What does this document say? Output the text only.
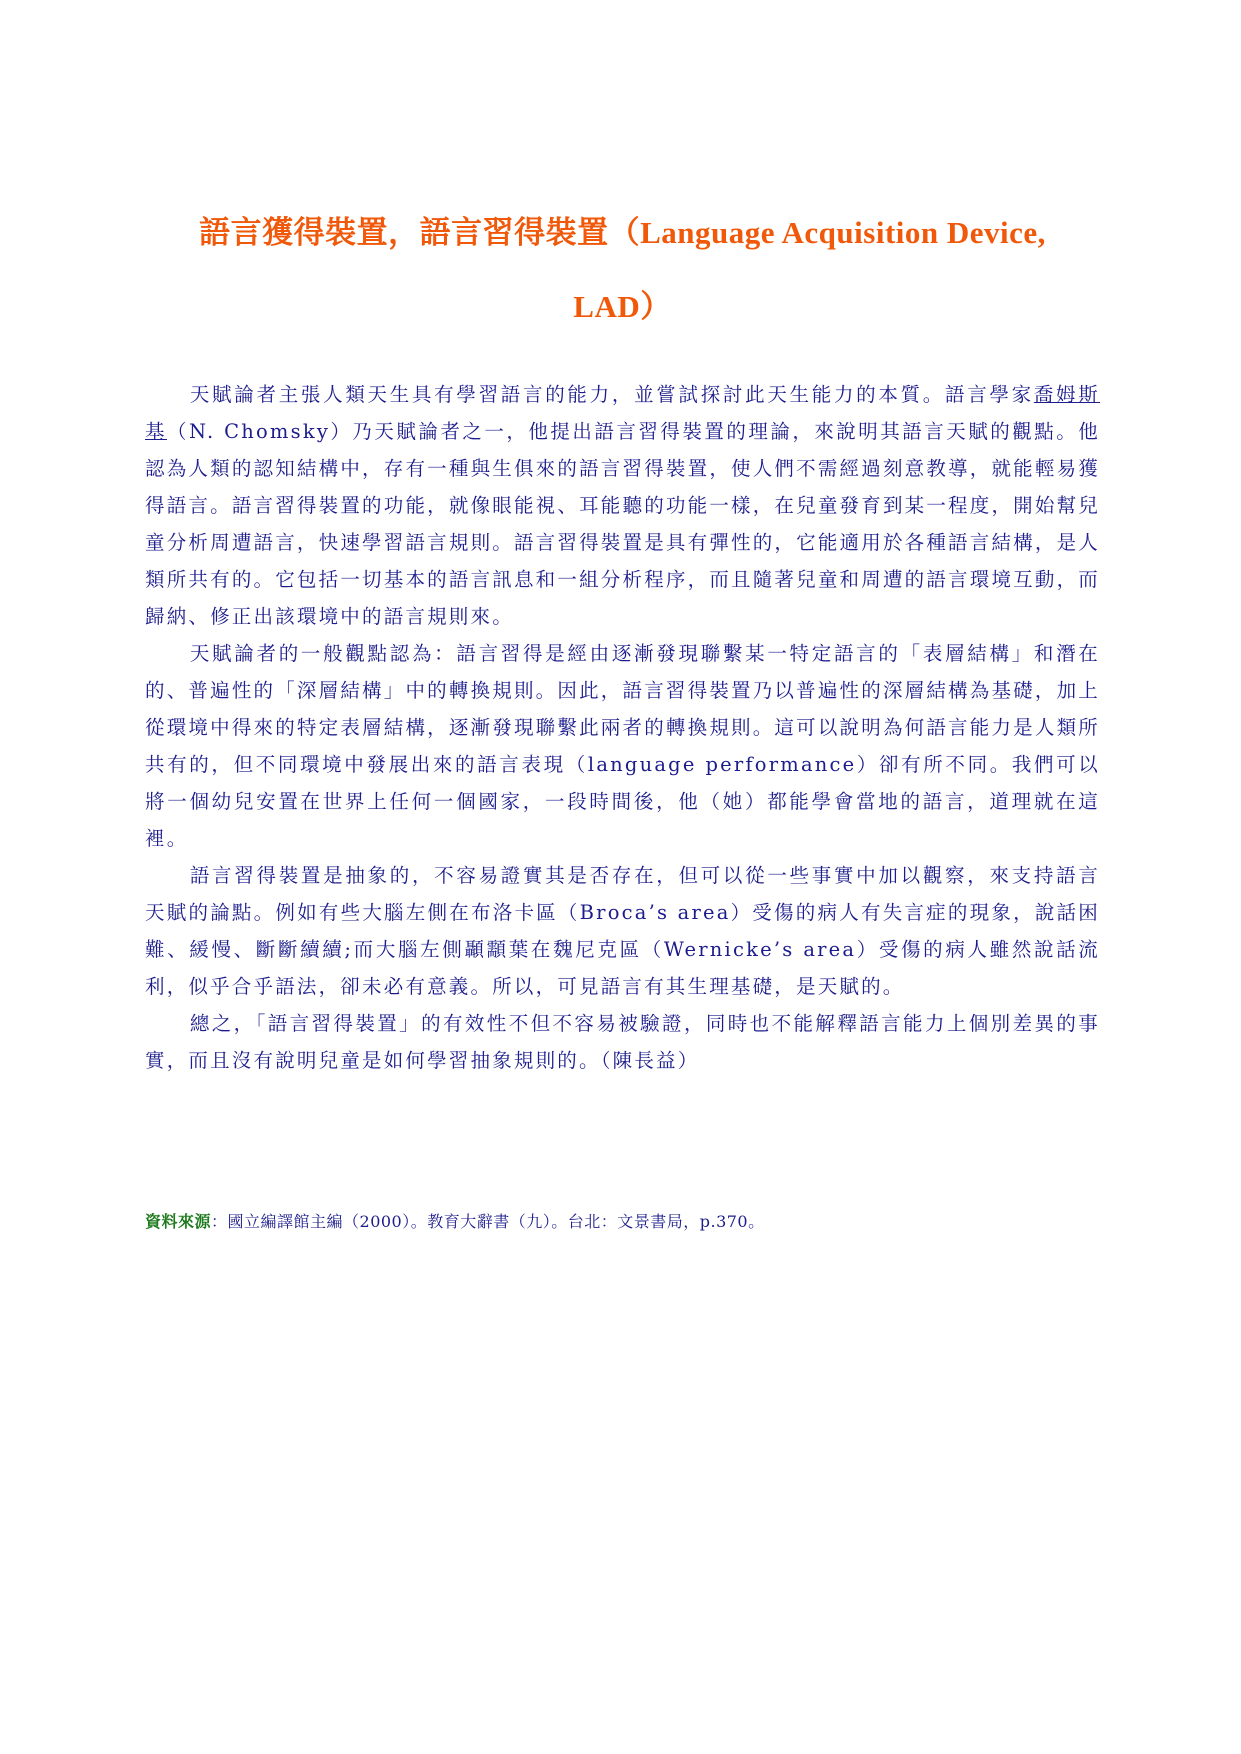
語言獲得裝置，語言習得裝置（Language Acquisition Device,
LAD）

天賦論者主張人類天生具有學習語言的能力，並嘗試探討此天生能力的本質。語言學家喬姆斯基（N. Chomsky）乃天賦論者之一，他提出語言習得裝置的理論，來說明其語言天賦的觀點。他認為人類的認知結構中，存有一種與生俱來的語言習得裝置，使人們不需經過刻意教導，就能輕易獲得語言。語言習得裝置的功能，就像眼能視、耳能聽的功能一樣，在兒童發育到某一程度，開始幫兒童分析周遭語言，快速學習語言規則。語言習得裝置是具有彈性的，它能適用於各種語言結構，是人類所共有的。它包括一切基本的語言訊息和一組分析程序，而且隨著兒童和周遭的語言環境互動，而歸納、修正出該環境中的語言規則來。

天賦論者的一般觀點認為：語言習得是經由逐漸發現聯繫某一特定語言的「表層結構」和潛在的、普遍性的「深層結構」中的轉換規則。因此，語言習得裝置乃以普遍性的深層結構為基礎，加上從環境中得來的特定表層結構，逐漸發現聯繫此兩者的轉換規則。這可以說明為何語言能力是人類所共有的，但不同環境中發展出來的語言表現（language performance）卻有所不同。我們可以將一個幼兒安置在世界上任何一個國家，一段時間後，他（她）都能學會當地的語言，道理就在這裡。

語言習得裝置是抽象的，不容易證實其是否存在，但可以從一些事實中加以觀察，來支持語言天賦的論點。例如有些大腦左側在布洛卡區（Broca’s area）受傷的病人有失言症的現象，說話困難、緩慢、斷斷續續;而大腦左側顳顬葉在魏尼克區（Wernicke’s area）受傷的病人雖然說話流利，似乎合乎語法，卻未必有意義。所以，可見語言有其生理基礎，是天賦的。

總之，「語言習得裝置」的有效性不但不容易被驗證，同時也不能解釋語言能力上個別差異的事實，而且沒有說明兒童是如何學習抽象規則的。（陳長益）

資料來源：國立編譯館主編（2000）。教育大辭書（九）。台北：文景書局，p.370。
